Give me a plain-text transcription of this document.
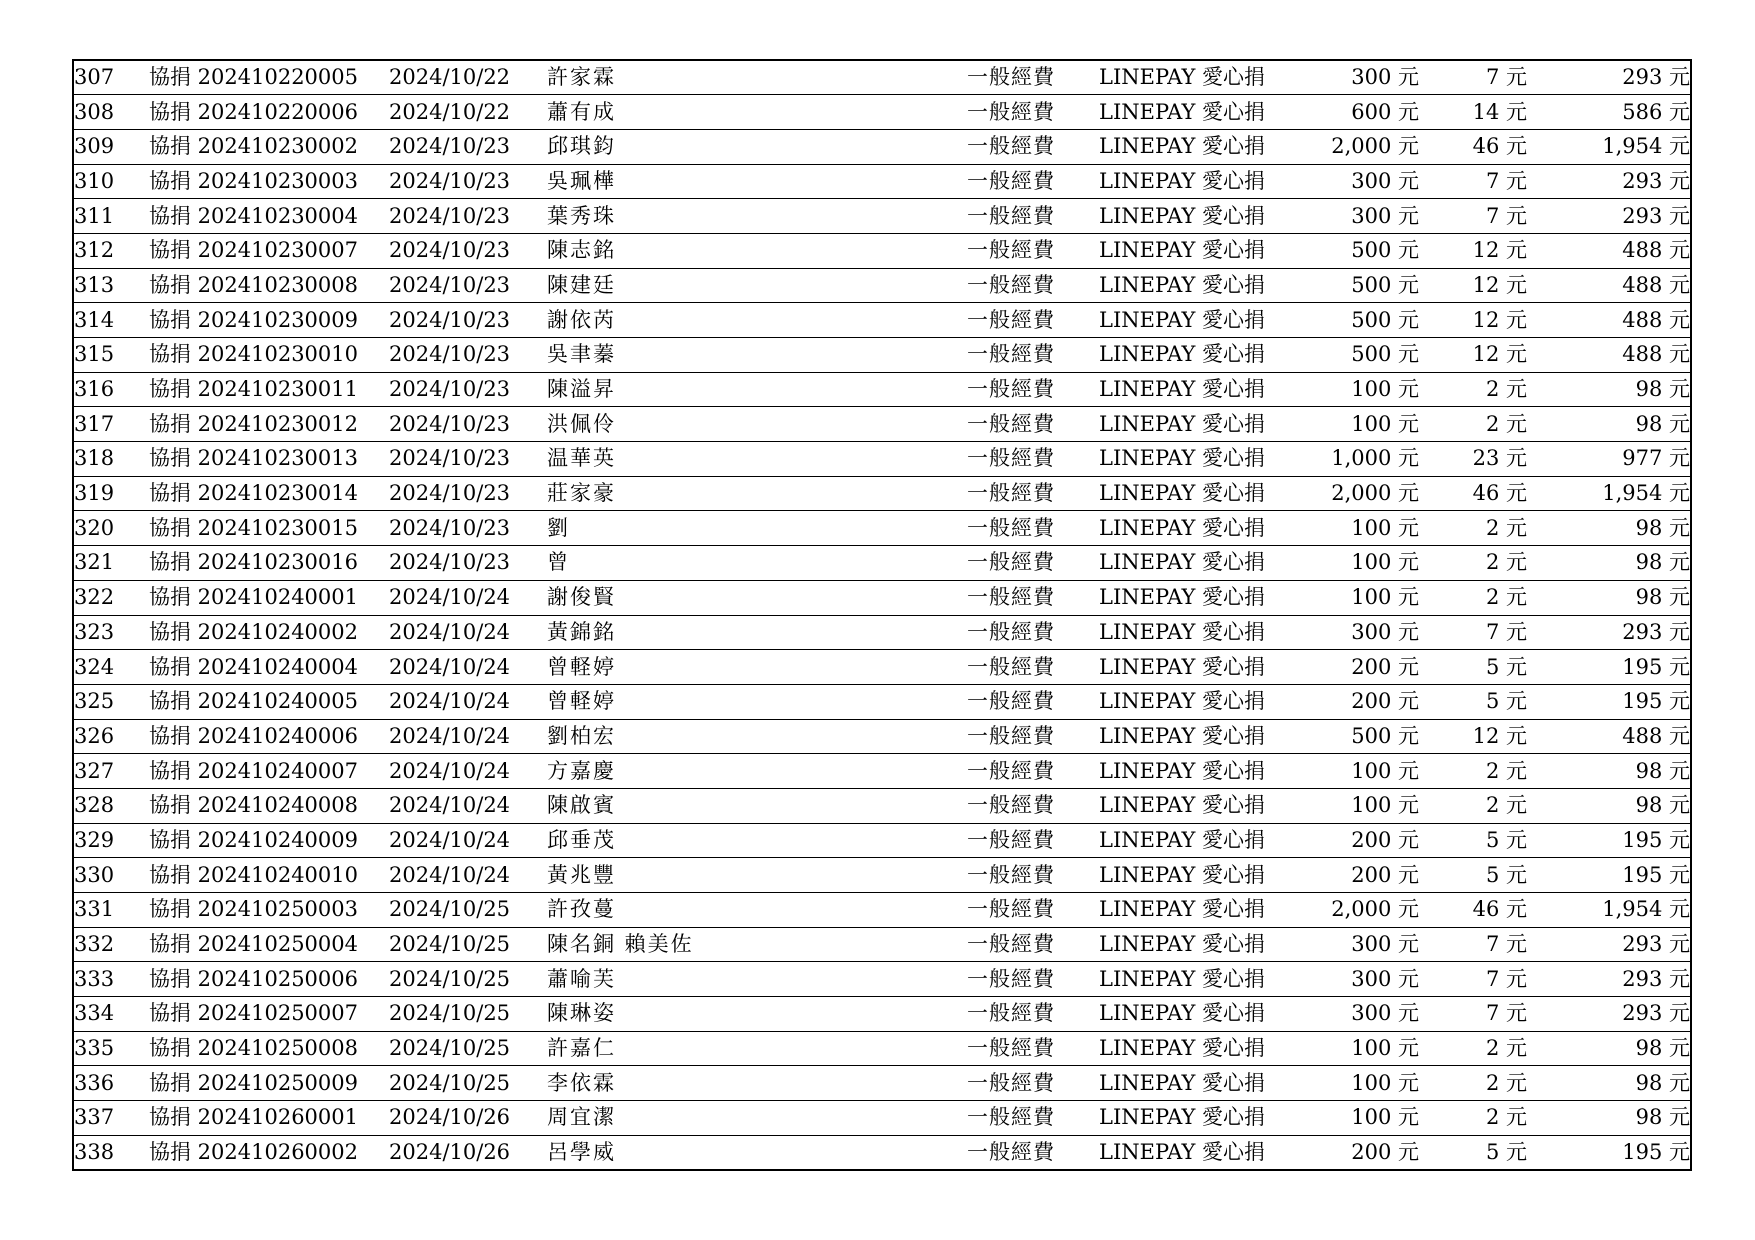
307	協捐 202410220005	2024/10/22	許家霖	一般經費	LINEPAY 愛心捐	300 元	7 元	293 元
308	協捐 202410220006	2024/10/22	蕭有成	一般經費	LINEPAY 愛心捐	600 元	14 元	586 元
309	協捐 202410230002	2024/10/23	邱琪鈞	一般經費	LINEPAY 愛心捐	2,000 元	46 元	1,954 元
310	協捐 202410230003	2024/10/23	吳珮樺	一般經費	LINEPAY 愛心捐	300 元	7 元	293 元
311	協捐 202410230004	2024/10/23	葉秀珠	一般經費	LINEPAY 愛心捐	300 元	7 元	293 元
312	協捐 202410230007	2024/10/23	陳志銘	一般經費	LINEPAY 愛心捐	500 元	12 元	488 元
313	協捐 202410230008	2024/10/23	陳建廷	一般經費	LINEPAY 愛心捐	500 元	12 元	488 元
314	協捐 202410230009	2024/10/23	謝依芮	一般經費	LINEPAY 愛心捐	500 元	12 元	488 元
315	協捐 202410230010	2024/10/23	吳聿蓁	一般經費	LINEPAY 愛心捐	500 元	12 元	488 元
316	協捐 202410230011	2024/10/23	陳溢昇	一般經費	LINEPAY 愛心捐	100 元	2 元	98 元
317	協捐 202410230012	2024/10/23	洪佩伶	一般經費	LINEPAY 愛心捐	100 元	2 元	98 元
318	協捐 202410230013	2024/10/23	温華英	一般經費	LINEPAY 愛心捐	1,000 元	23 元	977 元
319	協捐 202410230014	2024/10/23	莊家豪	一般經費	LINEPAY 愛心捐	2,000 元	46 元	1,954 元
320	協捐 202410230015	2024/10/23	劉	一般經費	LINEPAY 愛心捐	100 元	2 元	98 元
321	協捐 202410230016	2024/10/23	曾	一般經費	LINEPAY 愛心捐	100 元	2 元	98 元
322	協捐 202410240001	2024/10/24	謝俊賢	一般經費	LINEPAY 愛心捐	100 元	2 元	98 元
323	協捐 202410240002	2024/10/24	黃錦銘	一般經費	LINEPAY 愛心捐	300 元	7 元	293 元
324	協捐 202410240004	2024/10/24	曾軽婷	一般經費	LINEPAY 愛心捐	200 元	5 元	195 元
325	協捐 202410240005	2024/10/24	曾軽婷	一般經費	LINEPAY 愛心捐	200 元	5 元	195 元
326	協捐 202410240006	2024/10/24	劉柏宏	一般經費	LINEPAY 愛心捐	500 元	12 元	488 元
327	協捐 202410240007	2024/10/24	方嘉慶	一般經費	LINEPAY 愛心捐	100 元	2 元	98 元
328	協捐 202410240008	2024/10/24	陳啟賓	一般經費	LINEPAY 愛心捐	100 元	2 元	98 元
329	協捐 202410240009	2024/10/24	邱垂茂	一般經費	LINEPAY 愛心捐	200 元	5 元	195 元
330	協捐 202410240010	2024/10/24	黃兆豐	一般經費	LINEPAY 愛心捐	200 元	5 元	195 元
331	協捐 202410250003	2024/10/25	許孜蔓	一般經費	LINEPAY 愛心捐	2,000 元	46 元	1,954 元
332	協捐 202410250004	2024/10/25	陳名銅 賴美佐	一般經費	LINEPAY 愛心捐	300 元	7 元	293 元
333	協捐 202410250006	2024/10/25	蕭喻芙	一般經費	LINEPAY 愛心捐	300 元	7 元	293 元
334	協捐 202410250007	2024/10/25	陳琳姿	一般經費	LINEPAY 愛心捐	300 元	7 元	293 元
335	協捐 202410250008	2024/10/25	許嘉仁	一般經費	LINEPAY 愛心捐	100 元	2 元	98 元
336	協捐 202410250009	2024/10/25	李依霖	一般經費	LINEPAY 愛心捐	100 元	2 元	98 元
337	協捐 202410260001	2024/10/26	周宜潔	一般經費	LINEPAY 愛心捐	100 元	2 元	98 元
338	協捐 202410260002	2024/10/26	呂學威	一般經費	LINEPAY 愛心捐	200 元	5 元	195 元
